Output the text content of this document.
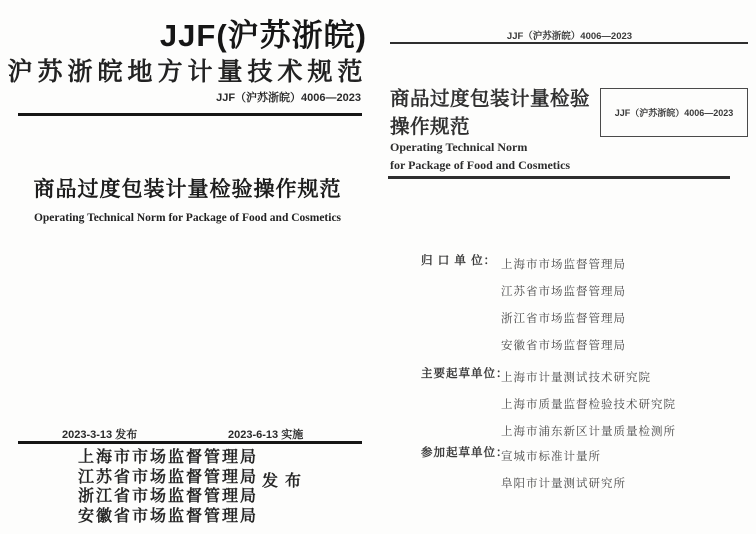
JJF(沪苏浙皖)
沪苏浙皖地方计量技术规范
JJF（沪苏浙皖）4006—2023
商品过度包装计量检验操作规范
Operating Technical Norm for Package of Food and Cosmetics
2023-3-13 发布	2023-6-13 实施
上海市市场监督管理局
江苏省市场监督管理局
浙江省市场监督管理局
安徽省市场监督管理局
发布
JJF（沪苏浙皖）4006—2023
商品过度包装计量检验
操作规范
Operating Technical Norm
for Package of Food and Cosmetics
JJF（沪苏浙皖）4006—2023
归 口 单 位： 上海市市场监督管理局
江苏省市场监督管理局
浙江省市场监督管理局
安徽省市场监督管理局
主要起草单位：
上海市计量测试技术研究院
上海市质量监督检验技术研究院
上海市浦东新区计量质量检测所
参加起草单位：
宣城市标准计量所
阜阳市计量测试研究所
